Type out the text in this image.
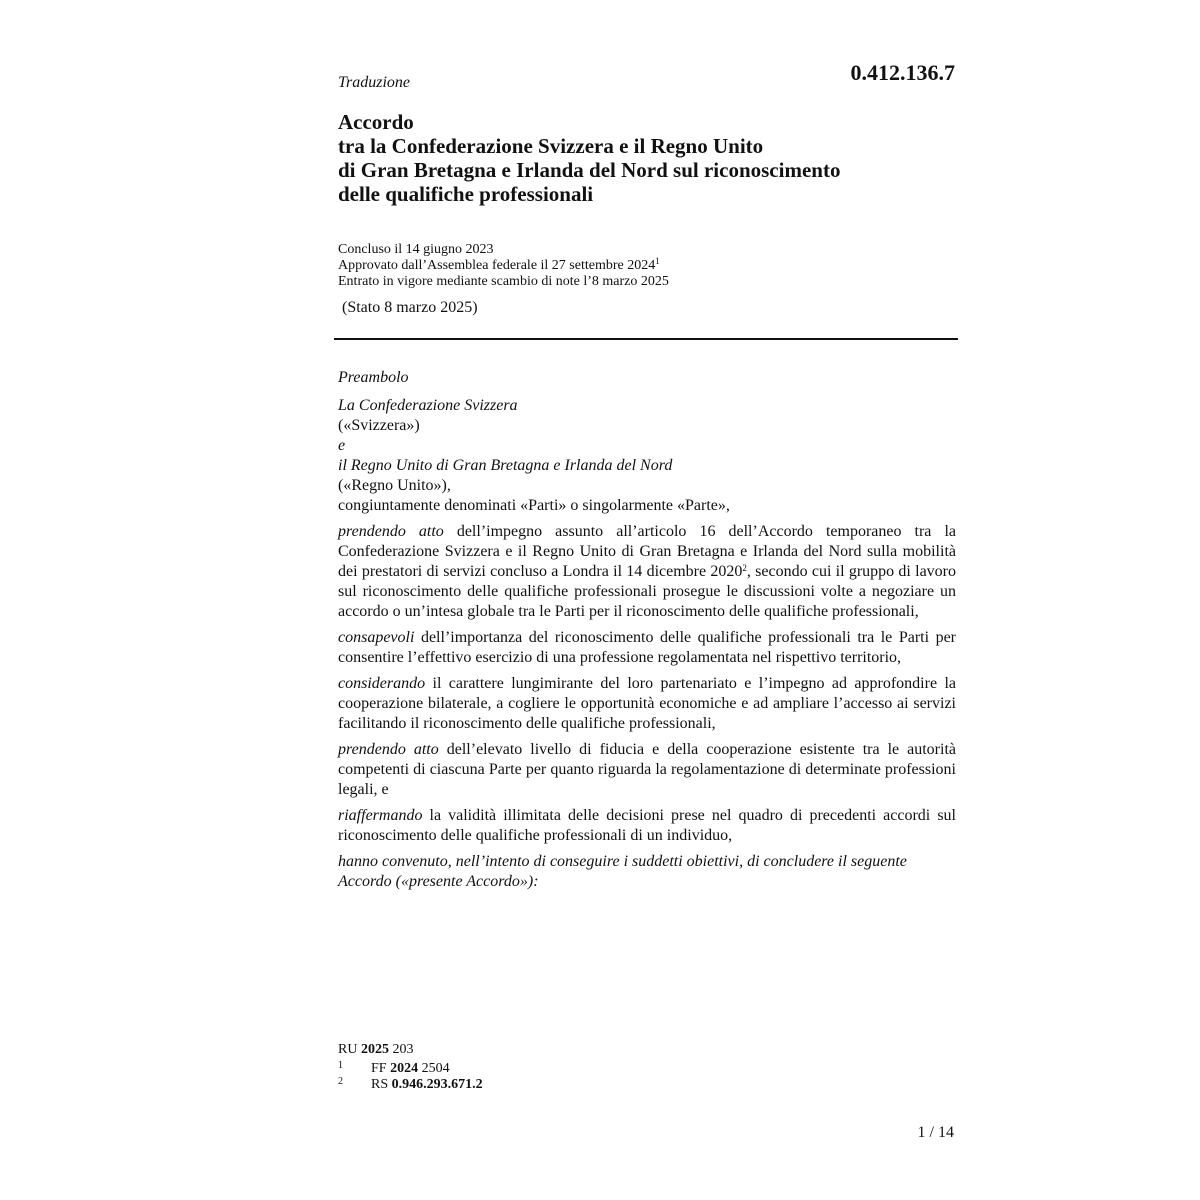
0.412.136.7

Traduzione

Accordo
tra la Confederazione Svizzera e il Regno Unito
di Gran Bretagna e Irlanda del Nord sul riconoscimento
delle qualifiche professionali
Concluso il 14 giugno 2023
Approvato dall’Assemblea federale il 27 settembre 2024$^1$
Entrato in vigore mediante scambio di note l’8 marzo 2025

(Stato 8 marzo 2025)

Preambolo

La Confederazione Svizzera
(«Svizzera»)
e
il Regno Unito di Gran Bretagna e Irlanda del Nord
(«Regno Unito»),
congiuntamente denominati «Parti» o singolarmente «Parte»,

prendendo atto dell’impegno assunto all’articolo 16 dell’Accordo temporaneo tra la Confederazione Svizzera e il Regno Unito di Gran Bretagna e Irlanda del Nord sulla mobilità dei prestatori di servizi concluso a Londra il 14 dicembre 2020$^2$, secondo cui il gruppo di lavoro sul riconoscimento delle qualifiche professionali prosegue le discussioni volte a negoziare un accordo o un’intesa globale tra le Parti per il riconoscimento delle qualifiche professionali,

consapevoli dell’importanza del riconoscimento delle qualifiche professionali tra le Parti per consentire l’effettivo esercizio di una professione regolamentata nel rispettivo territorio,

considerando il carattere lungimirante del loro partenariato e l’impegno ad approfondire la cooperazione bilaterale, a cogliere le opportunità economiche e ad ampliare l’accesso ai servizi facilitando il riconoscimento delle qualifiche professionali,

prendendo atto dell’elevato livello di fiducia e della cooperazione esistente tra le autorità competenti di ciascuna Parte per quanto riguarda la regolamentazione di determinate professioni legali, e

riaffermando la validità illimitata delle decisioni prese nel quadro di precedenti accordi sul riconoscimento delle qualifiche professionali di un individuo,

hanno convenuto, nell’intento di conseguire i suddetti obiettivi, di concludere il seguente Accordo («presente Accordo»):

RU 2025 203
1 FF 2024 2504
2 RS 0.946.293.671.2

1 / 14
